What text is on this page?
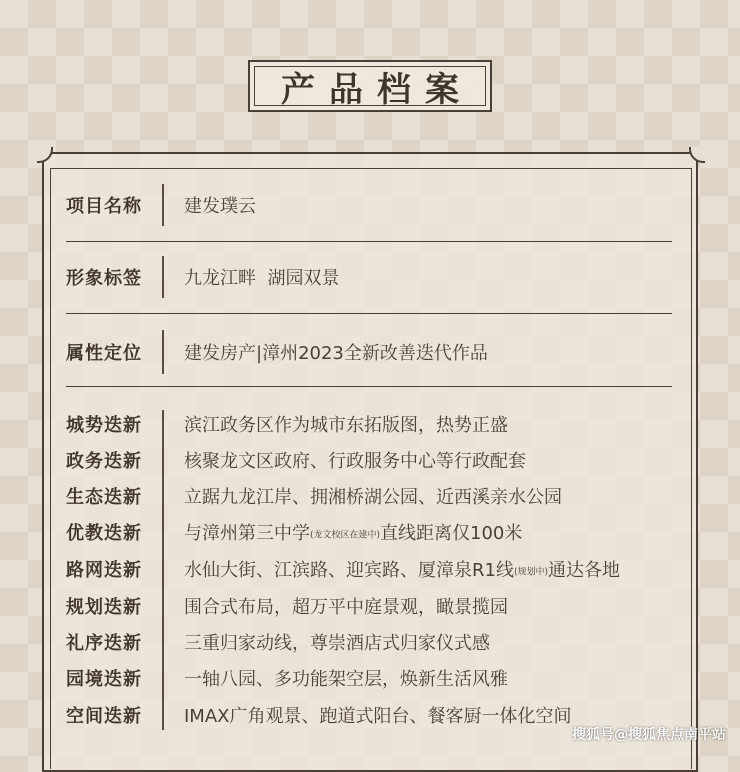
产品档案
项目名称	建发璞云
形象标签	九龙江畔  湖园双景
属性定位	建发房产|漳州2023全新改善迭代作品
城势迭新	滨江政务区作为城市东拓版图，热势正盛
政务迭新	核聚龙文区政府、行政服务中心等行政配套
生态迭新	立踞九龙江岸、拥湘桥湖公园、近西溪亲水公园
优教迭新	与漳州第三中学(龙文校区在建中)直线距离仅100米
路网迭新	水仙大街、江滨路、迎宾路、厦漳泉R1线(规划中)通达各地
规划迭新	围合式布局，超万平中庭景观，瞰景揽园
礼序迭新	三重归家动线，尊崇酒店式归家仪式感
园境迭新	一轴八园、多功能架空层，焕新生活风雅
空间迭新	IMAX广角观景、跑道式阳台、餐客厨一体化空间
搜狐号@搜狐焦点南平站
